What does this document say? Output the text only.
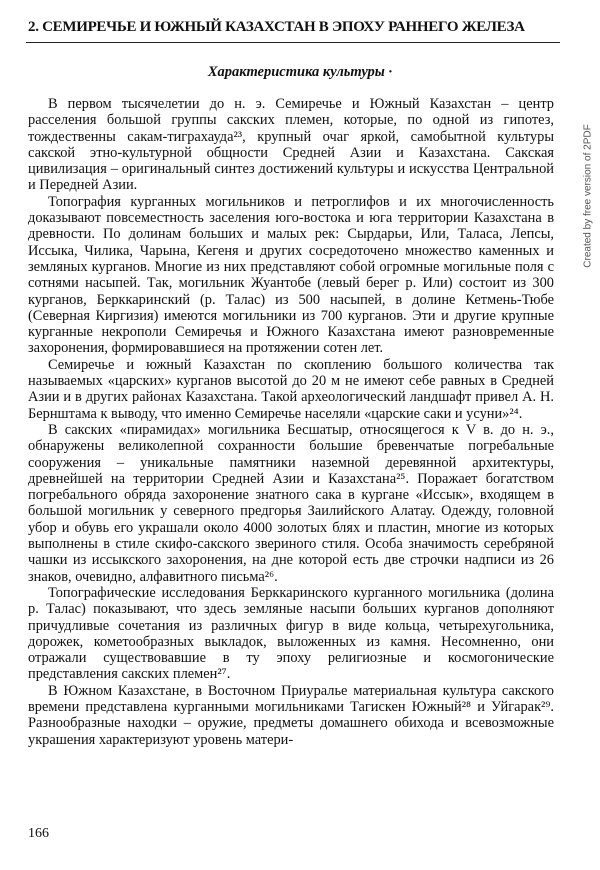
2. СЕМИРЕЧЬЕ И ЮЖНЫЙ КАЗАХСТАН В ЭПОХУ РАННЕГО ЖЕЛЕЗА
Характеристика культуры ·

В первом тысячелетии до н. э. Семиречье и Южный Казахстан – центр расселения большой группы сакских племен, которые, по одной из гипотез, тождественны сакам-тиграхауда²³, крупный очаг яркой, самобытной культуры сакской этно-культурной общности Средней Азии и Казахстана. Сакская цивилизация – оригинальный синтез достижений культуры и искусства Центральной и Передней Азии.

Топография курганных могильников и петроглифов и их многочисленность доказывают повсеместность заселения юго-востока и юга территории Казахстана в древности. По долинам больших и малых рек: Сырдарьи, Или, Таласа, Лепсы, Иссыка, Чилика, Чарына, Кегеня и других сосредоточено множество каменных и земляных курганов. Многие из них представляют собой огромные могильные поля с сотнями насыпей. Так, могильник Жуантобе (левый берег р. Или) состоит из 300 курганов, Берккаринский (р. Талас) из 500 насыпей, в долине Кетмень-Тюбе (Северная Киргизия) имеются могильники из 700 курганов. Эти и другие крупные курганные некрополи Семиречья и Южного Казахстана имеют разновременные захоронения, формировавшиеся на протяжении сотен лет.

Семиречье и южный Казахстан по скоплению большого количества так называемых «царских» курганов высотой до 20 м не имеют себе равных в Средней Азии и в других районах Казахстана. Такой археологический ландшафт привел А. Н. Бернштама к выводу, что именно Семиречье населяли «царские саки и усуни»²⁴.

В сакских «пирамидах» могильника Бесшатыр, относящегося к V в. до н. э., обнаружены великолепной сохранности большие бревенчатые погребальные сооружения – уникальные памятники наземной деревянной архитектуры, древнейшей на территории Средней Азии и Казахстана²⁵. Поражает богатством погребального обряда захоронение знатного сака в кургане «Иссык», входящем в большой могильник у северного предгорья Заилийского Алатау. Одежду, головной убор и обувь его украшали около 4000 золотых блях и пластин, многие из которых выполнены в стиле скифо-сакского звериного стиля. Особа значимость серебряной чашки из иссыкского захоронения, на дне которой есть две строчки надписи из 26 знаков, очевидно, алфавитного письма²⁶.

Топографические исследования Берккаринского курганного могильника (долина р. Талас) показывают, что здесь земляные насыпи больших курганов дополняют причудливые сочетания из различных фигур в виде кольца, четырехугольника, дорожек, кометообразных выкладок, выложенных из камня. Несомненно, они отражали существовавшие в ту эпоху религиозные и космогонические представления сакских племен²⁷.

В Южном Казахстане, в Восточном Приуралье материальная культура сакского времени представлена курганными могильниками Тагискен Южный²⁸ и Уйгарак²⁹. Разнообразные находки – оружие, предметы домашнего обихода и всевозможные украшения характеризуют уровень матери-

166
Created by free version of 2PDF
